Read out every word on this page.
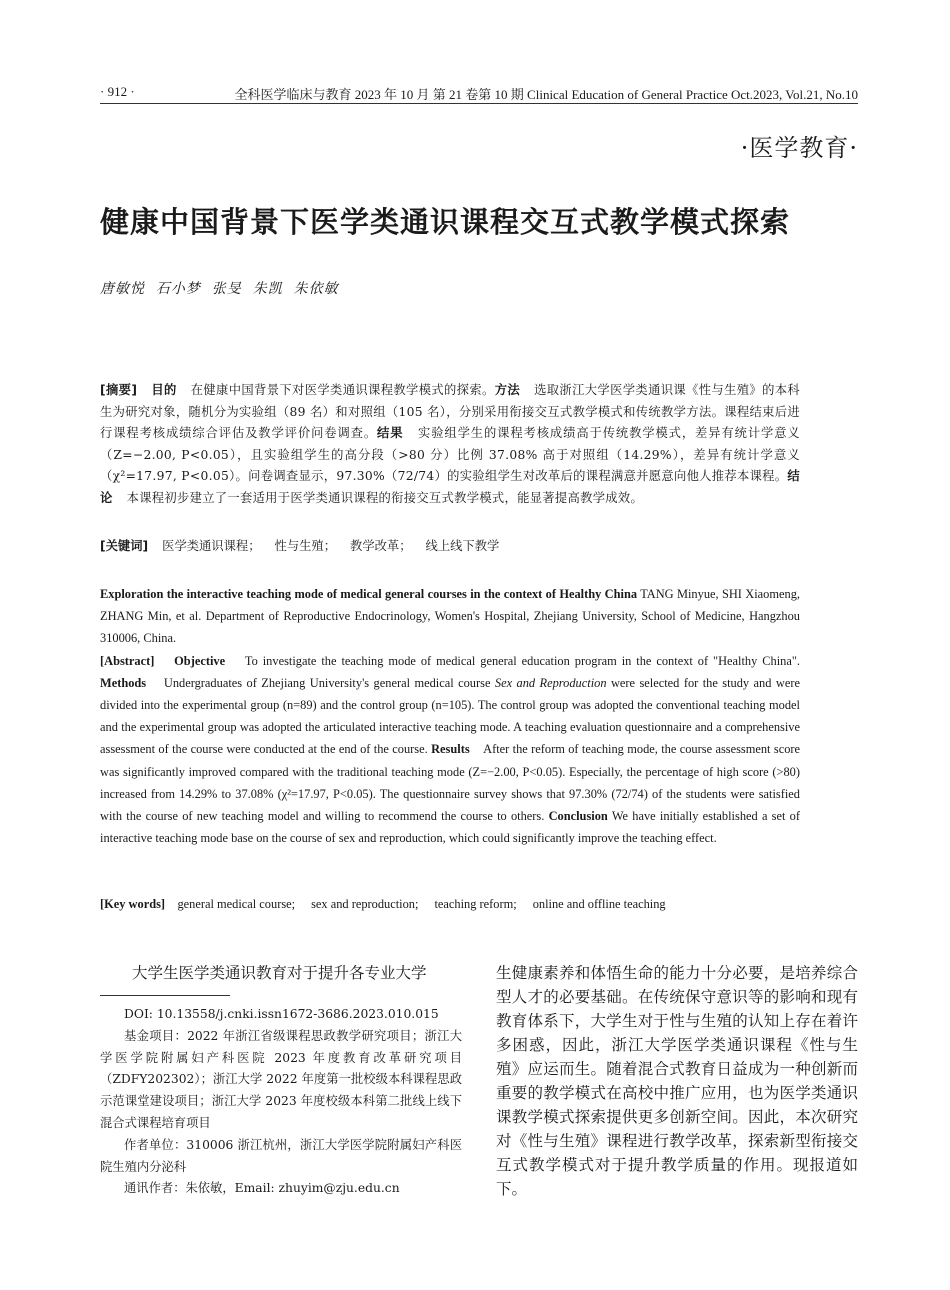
· 912 ·	全科医学临床与教育 2023 年 10 月 第 21 卷第 10 期 Clinical Education of General Practice Oct.2023, Vol.21, No.10
·医学教育·
健康中国背景下医学类通识课程交互式教学模式探索
唐敏悦  石小梦  张旻  朱凯  朱依敏
[摘要] 目的 在健康中国背景下对医学类通识课程教学模式的探索。方法 选取浙江大学医学类通识课《性与生殖》的本科生为研究对象，随机分为实验组（89 名）和对照组（105 名），分别采用衔接交互式教学模式和传统教学方法。课程结束后进行课程考核成绩综合评估及教学评价问卷调查。结果 实验组学生的课程考核成绩高于传统教学模式，差异有统计学意义（Z=−2.00, P<0.05），且实验组学生的高分段（>80 分）比例 37.08% 高于对照组（14.29%），差异有统计学意义（χ²=17.97, P<0.05）。问卷调查显示，97.30%（72/74）的实验组学生对改革后的课程满意并愿意向他人推荐本课程。结论 本课程初步建立了一套适用于医学类通识课程的衔接交互式教学模式，能显著提高教学成效。
[关键词] 医学类通识课程； 性与生殖； 教学改革； 线上线下教学

Exploration the interactive teaching mode of medical general courses in the context of Healthy China TANG Minyue, SHI Xiaomeng, ZHANG Min, et al. Department of Reproductive Endocrinology, Women's Hospital, Zhejiang University, School of Medicine, Hangzhou 310006, China.

[Abstract] Objective To investigate the teaching mode of medical general education program in the context of "Healthy China". Methods Undergraduates of Zhejiang University's general medical course Sex and Reproduction were selected for the study and were divided into the experimental group (n=89) and the control group (n=105). The control group was adopted the conventional teaching model and the experimental group was adopted the articulated interactive teaching mode. A teaching evaluation questionnaire and a comprehensive assessment of the course were conducted at the end of the course. Results After the reform of teaching mode, the course assessment score was significantly improved compared with the traditional teaching mode (Z=−2.00, P<0.05). Especially, the percentage of high score (>80) increased from 14.29% to 37.08% (χ²=17.97, P<0.05). The questionnaire survey shows that 97.30% (72/74) of the students were satisfied with the course of new teaching model and willing to recommend the course to others. Conclusion We have initially established a set of interactive teaching mode base on the course of sex and reproduction, which could significantly improve the teaching effect.

[Key words] general medical course; sex and reproduction; teaching reform; online and offline teaching

大学生医学类通识教育对于提升各专业大学

DOI: 10.13558/j.cnki.issn1672-3686.2023.010.015

基金项目：2022 年浙江省级课程思政教学研究项目；浙江大学医学院附属妇产科医院 2023 年度教育改革研究项目（ZDFY202302）；浙江大学 2022 年度第一批校级本科课程思政示范课堂建设项目；浙江大学 2023 年度校级本科第二批线上线下混合式课程培育项目

作者单位：310006 浙江杭州，浙江大学医学院附属妇产科医院生殖内分泌科

通讯作者：朱依敏，Email: zhuyim@zju.edu.cn

生健康素养和体悟生命的能力十分必要，是培养综合型人才的必要基础。在传统保守意识等的影响和现有教育体系下，大学生对于性与生殖的认知上存在着许多困惑，因此，浙江大学医学类通识课程《性与生殖》应运而生。随着混合式教育日益成为一种创新而重要的教学模式在高校中推广应用，也为医学类通识课教学模式探索提供更多创新空间。因此，本次研究对《性与生殖》课程进行教学改革，探索新型衔接交互式教学模式对于提升教学质量的作用。现报道如下。
